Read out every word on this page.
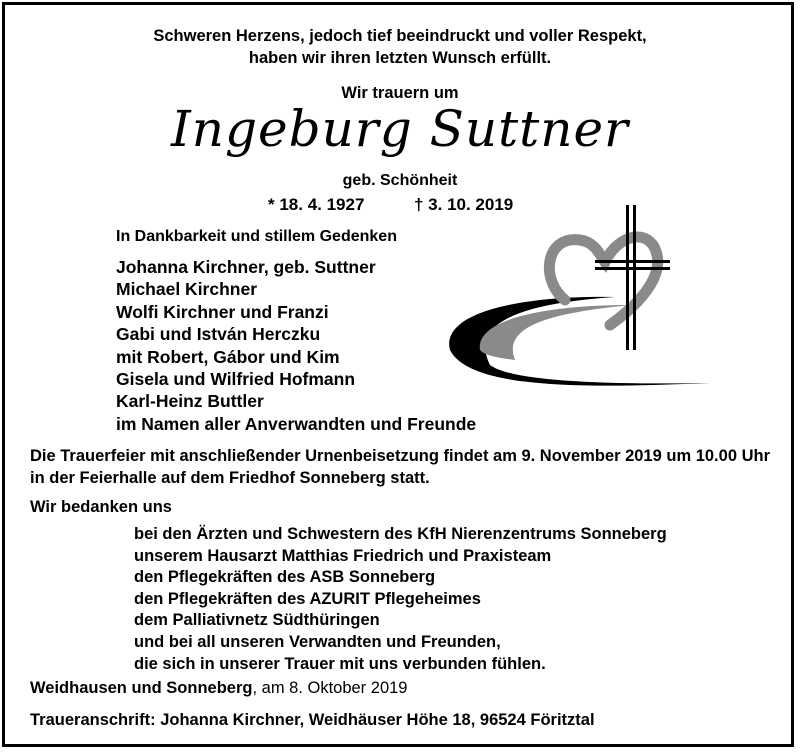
Schweren Herzens, jedoch tief beeindruckt und voller Respekt,
haben wir ihren letzten Wunsch erfüllt.
Wir trauern um
Ingeburg Suttner
geb. Schönheit
* 18. 4. 1927	† 3. 10. 2019
In Dankbarkeit und stillem Gedenken
Johanna Kirchner, geb. Suttner
Michael Kirchner
Wolfi Kirchner und Franzi
Gabi und István Herczku
mit Robert, Gábor und Kim
Gisela und Wilfried Hofmann
Karl-Heinz Buttler
im Namen aller Anverwandten und Freunde
Die Trauerfeier mit anschließender Urnenbeisetzung findet am 9. November 2019 um 10.00 Uhr
in der Feierhalle auf dem Friedhof Sonneberg statt.
Wir bedanken uns
bei den Ärzten und Schwestern des KfH Nierenzentrums Sonneberg
unserem Hausarzt Matthias Friedrich und Praxisteam
den Pflegekräften des ASB Sonneberg
den Pflegekräften des AZURIT Pflegeheimes
dem Palliativnetz Südthüringen
und bei all unseren Verwandten und Freunden,
die sich in unserer Trauer mit uns verbunden fühlen.
Weidhausen und Sonneberg, am 8. Oktober 2019
Traueranschrift: Johanna Kirchner, Weidhäuser Höhe 18, 96524 Föritztal
